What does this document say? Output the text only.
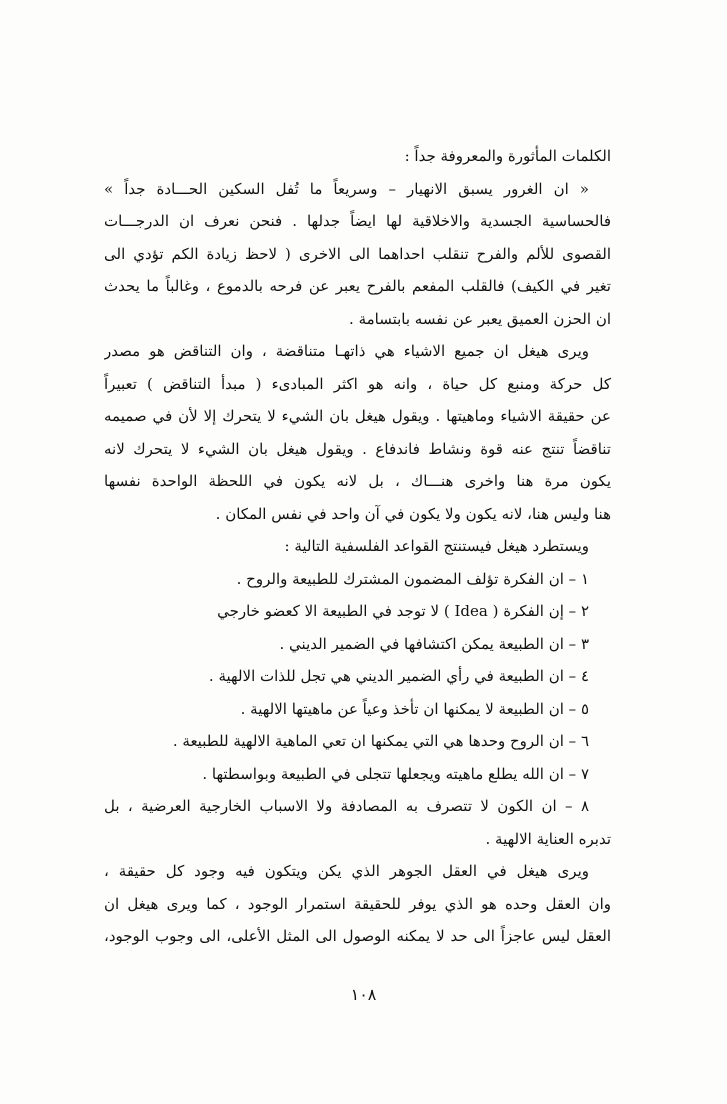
الكلمات المأثورة والمعروفة جداً :
« ان الغرور يسبق الانهيار – وسريعاً ما تُفل السكين الحـــادة جداً »
فالحساسية الجسدية والاخلاقية لها ايضاً جدلها . فنحن نعرف ان الدرجـــات
القصوى للألم والفرح تنقلب احداهما الى الاخرى ( لاحظ زيادة الكم تؤدي الى
تغير في الكيف) فالقلب المفعم بالفرح يعبر عن فرحه بالدموع ، وغالباً ما يحدث
ان الحزن العميق يعبر عن نفسه بابتسامة .
ويرى هيغل ان جميع الاشياء هي ذاتهـا متناقضة ، وان التناقض هو مصدر
كل حركة ومنبع كل حياة ، وانه هو اكثر المبادىء ( مبدأ التناقض ) تعبيراً
عن حقيقة الاشياء وماهيتها . ويقول هيغل بان الشيء لا يتحرك إلا لأن في صميمه
تناقضاً تنتج عنه قوة ونشاط فاندفاع . ويقول هيغل بان الشيء لا يتحرك لانه
يكون مرة هنا واخرى هنـــاك ، بل لانه يكون في اللحظة الواحدة نفسها
هنا وليس هنا، لانه يكون ولا يكون في آن واحد في نفس المكان .
ويستطرد هيغل فيستنتج القواعد الفلسفية التالية :
١ – ان الفكرة تؤلف المضمون المشترك للطبيعة والروح .
٢ – إن الفكرة ( Idea ) لا توجد في الطبيعة الا كعضو خارجي
٣ – ان الطبيعة يمكن اكتشافها في الضمير الديني .
٤ – ان الطبيعة في رأي الضمير الديني هي تجل للذات الالهية .
٥ – ان الطبيعة لا يمكنها ان تأخذ وعياً عن ماهيتها الالهية .
٦ – ان الروح وحدها هي التي يمكنها ان تعي الماهية الالهية للطبيعة .
٧ – ان الله يطلع ماهيته ويجعلها تتجلى في الطبيعة وبواسطتها .
٨ – ان الكون لا تتصرف به المصادفة ولا الاسباب الخارجية العرضية ، بل
تدبره العناية الالهية .
ويرى هيغل في العقل الجوهر الذي يكن ويتكون فيه وجود كل حقيقة ،
وان العقل وحده هو الذي يوفر للحقيقة استمرار الوجود ، كما ويرى هيغل ان
العقل ليس عاجزاً الى حد لا يمكنه الوصول الى المثل الأعلى، الى وجوب الوجود،
١٠٨
